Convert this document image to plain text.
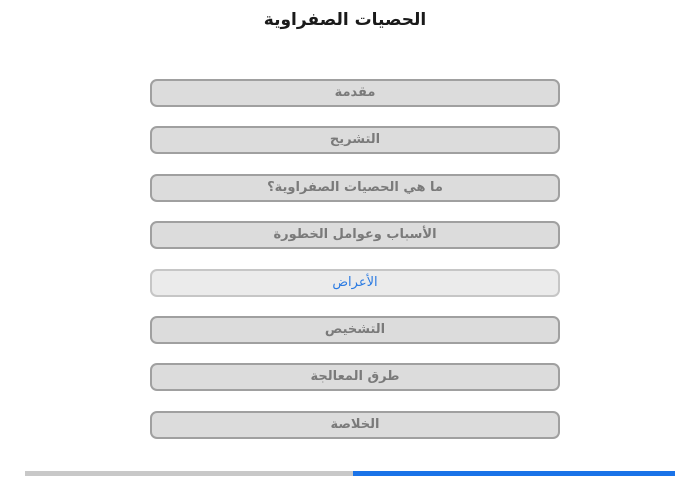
الحصيات الصفراوية
مقدمة
التشريح
ما هي الحصيات الصفراوية؟
الأسباب وعوامل الخطورة
الأعراض
التشخيص
طرق المعالجة
الخلاصة
